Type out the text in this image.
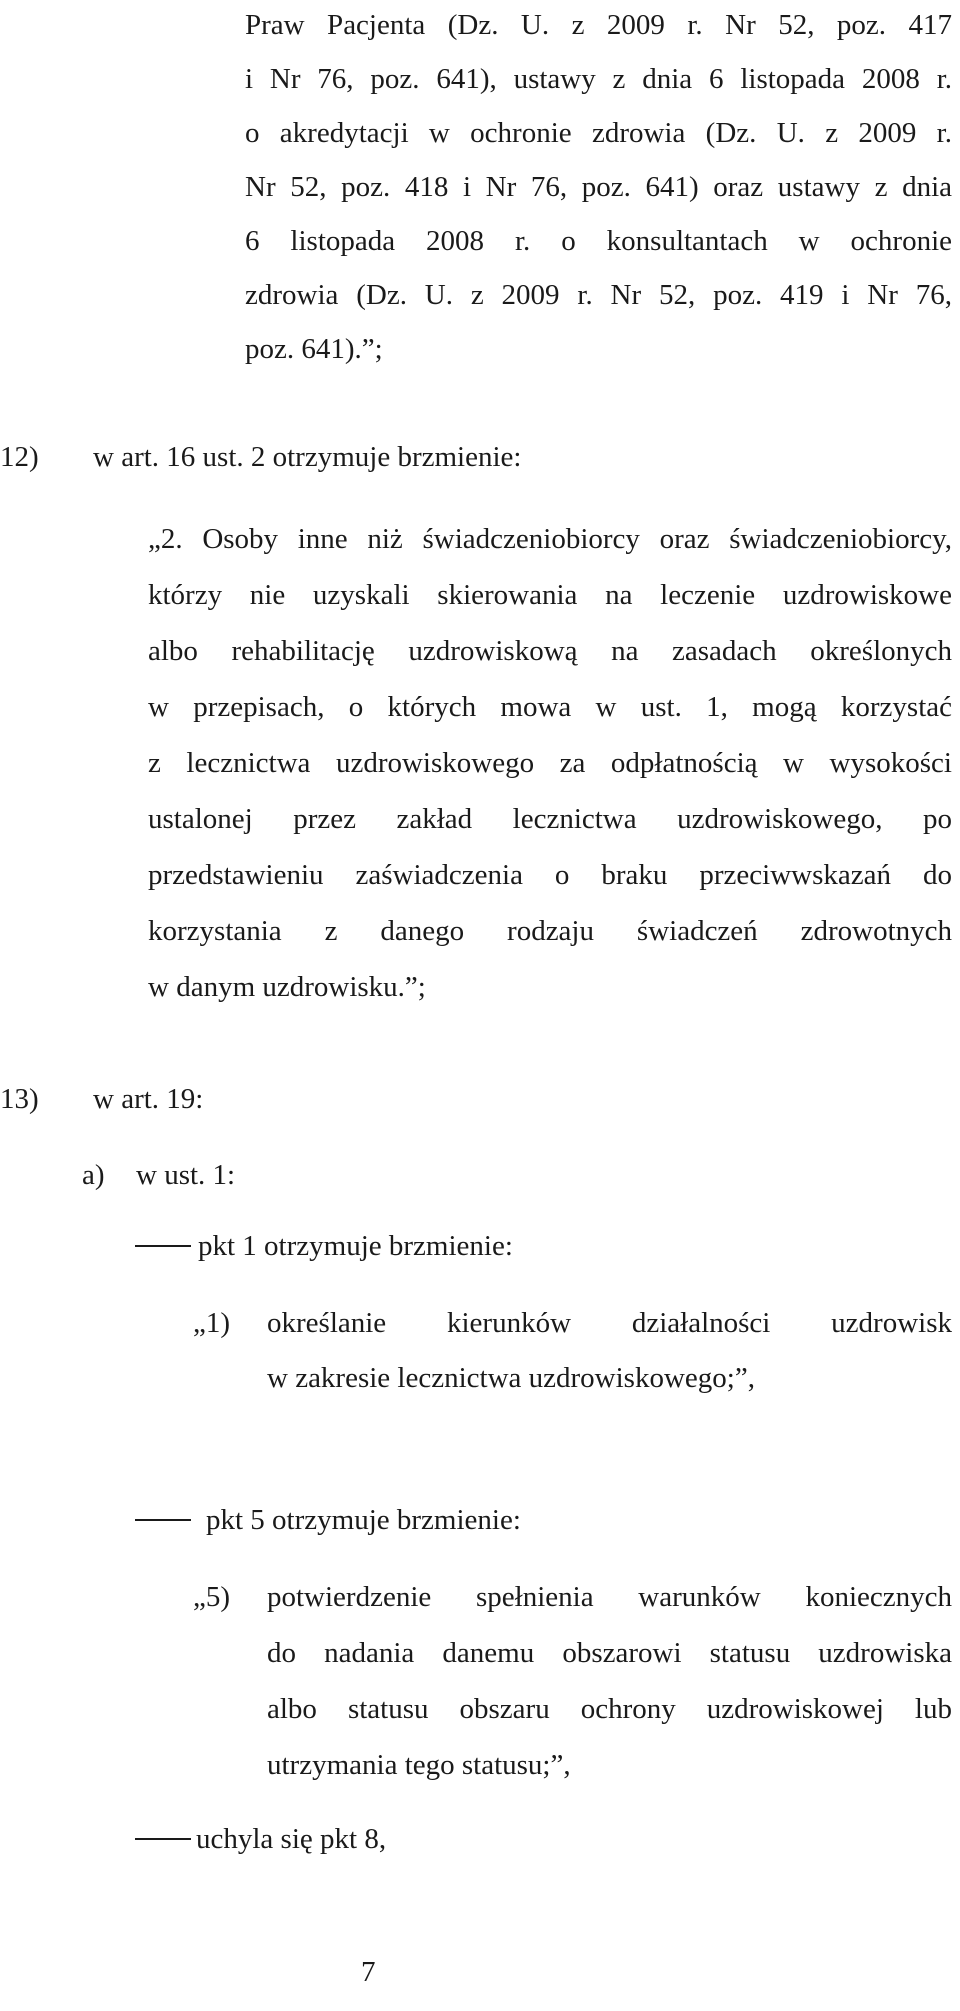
Praw Pacjenta (Dz. U. z 2009 r. Nr 52, poz. 417
i Nr 76, poz. 641), ustawy z dnia 6 listopada 2008 r.
o akredytacji w ochronie zdrowia (Dz. U. z 2009 r.
Nr 52, poz. 418 i Nr 76, poz. 641) oraz ustawy z dnia
6 listopada 2008 r. o konsultantach w ochronie
zdrowia (Dz. U. z 2009 r. Nr 52, poz. 419 i Nr 76,
poz. 641).”;
12) w art. 16 ust. 2 otrzymuje brzmienie:
„2. Osoby inne niż świadczeniobiorcy oraz świadczeniobiorcy,
którzy nie uzyskali skierowania na leczenie uzdrowiskowe
albo rehabilitację uzdrowiskową na zasadach określonych
w przepisach, o których mowa w ust. 1, mogą korzystać
z lecznictwa uzdrowiskowego za odpłatnością w wysokości
ustalonej przez zakład lecznictwa uzdrowiskowego, po
przedstawieniu zaświadczenia o braku przeciwwskazań do
korzystania z danego rodzaju świadczeń zdrowotnych
w danym uzdrowisku.”;
13) w art. 19:
a) w ust. 1:
pkt 1 otrzymuje brzmienie:
„1) określanie kierunków działalności uzdrowisk
w zakresie lecznictwa uzdrowiskowego;”,
pkt 5 otrzymuje brzmienie:
„5) potwierdzenie spełnienia warunków koniecznych
do nadania danemu obszarowi statusu uzdrowiska
albo statusu obszaru ochrony uzdrowiskowej lub
utrzymania tego statusu;”,
uchyla się pkt 8,
7
